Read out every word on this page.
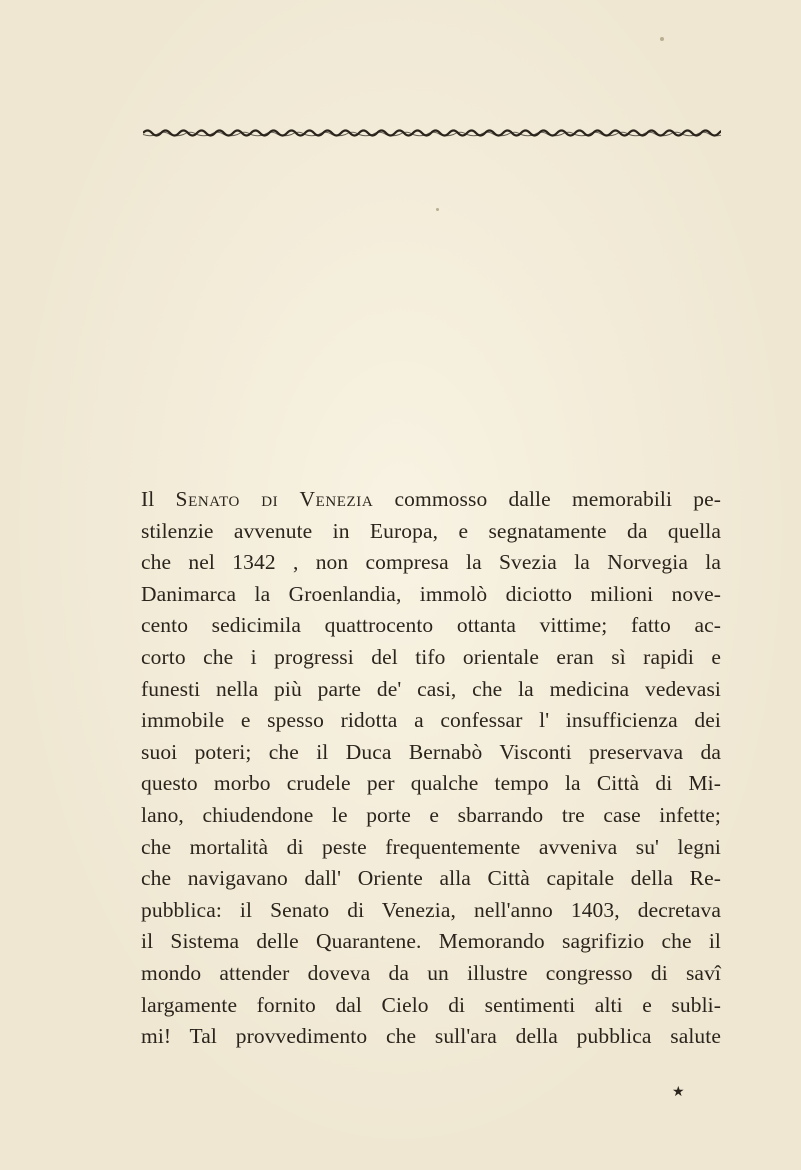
Il Senato di Venezia commosso dalle memorabili pe-
stilenzie avvenute in Europa, e segnatamente da quella
che nel 1342 , non compresa la Svezia la Norvegia la
Danimarca la Groenlandia, immolò diciotto milioni nove-
cento sedicimila quattrocento ottanta vittime; fatto ac-
corto che i progressi del tifo orientale eran sì rapidi e
funesti nella più parte de' casi, che la medicina vedevasi
immobile e spesso ridotta a confessar l' insufficienza dei
suoi poteri; che il Duca Bernabò Visconti preservava da
questo morbo crudele per qualche tempo la Città di Mi-
lano, chiudendone le porte e sbarrando tre case infette;
che mortalità di peste frequentemente avveniva su' legni
che navigavano dall' Oriente alla Città capitale della Re-
pubblica: il Senato di Venezia, nell'anno 1403, decretava
il Sistema delle Quarantene. Memorando sagrifizio che il
mondo attender doveva da un illustre congresso di savî
largamente fornito dal Cielo di sentimenti alti e subli-
mi! Tal provvedimento che sull'ara della pubblica salute
★
